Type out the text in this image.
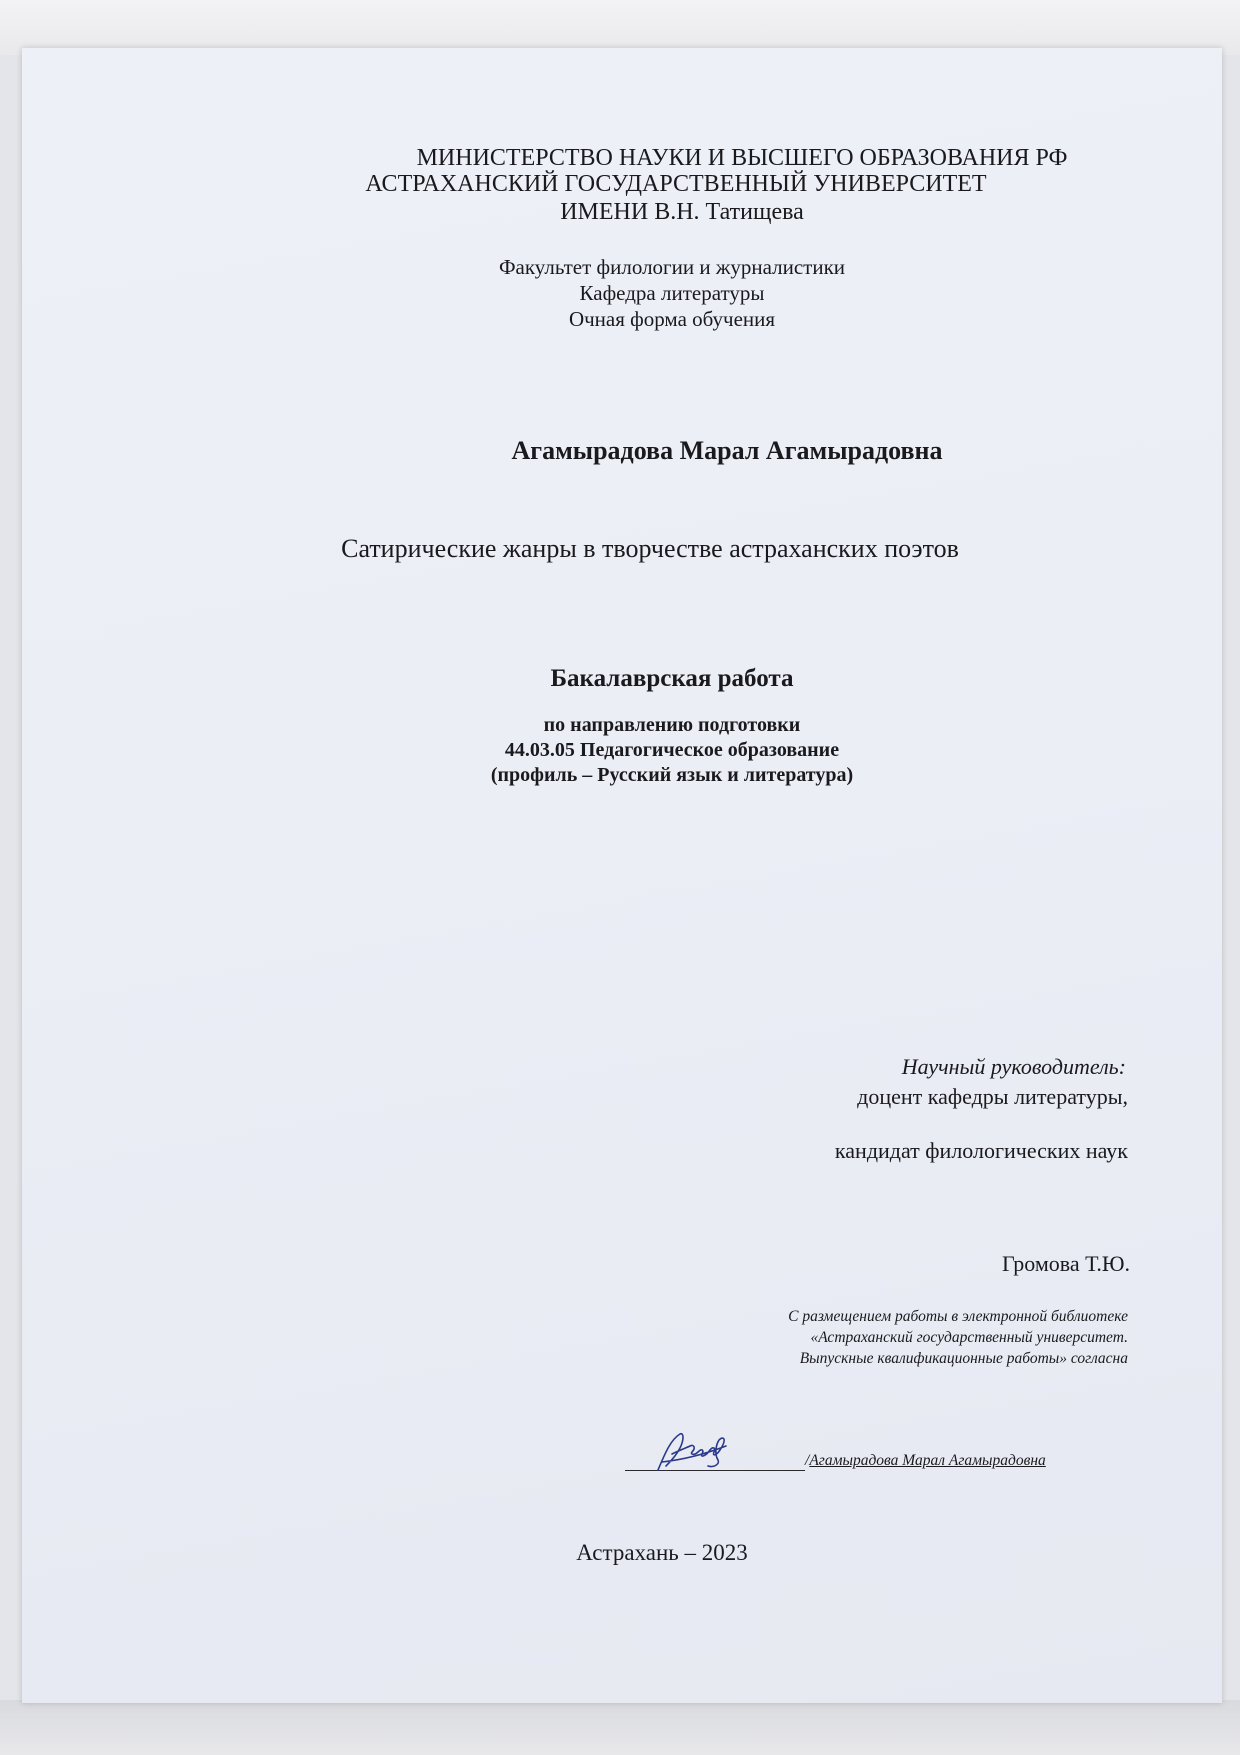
МИНИСТЕРСТВО НАУКИ И ВЫСШЕГО ОБРАЗОВАНИЯ РФ

АСТРАХАНСКИЙ ГОСУДАРСТВЕННЫЙ УНИВЕРСИТЕТ

ИМЕНИ В.Н. Татищева

Факультет филологии и журналистики

Кафедра литературы

Очная форма обучения

Агамырадова Марал Агамырадовна

Сатирические жанры в творчестве астраханских поэтов

Бакалаврская работа

по направлению подготовки

44.03.05 Педагогическое образование

(профиль – Русский язык и литература)

Научный руководитель:

доцент кафедры литературы,

кандидат филологических наук

Громова Т.Ю.

С размещением работы в электронной библиотеке

«Астраханский государственный университет.

Выпускные квалификационные работы» согласна

/Агамырадова Марал Агамырадовна

Астрахань – 2023
